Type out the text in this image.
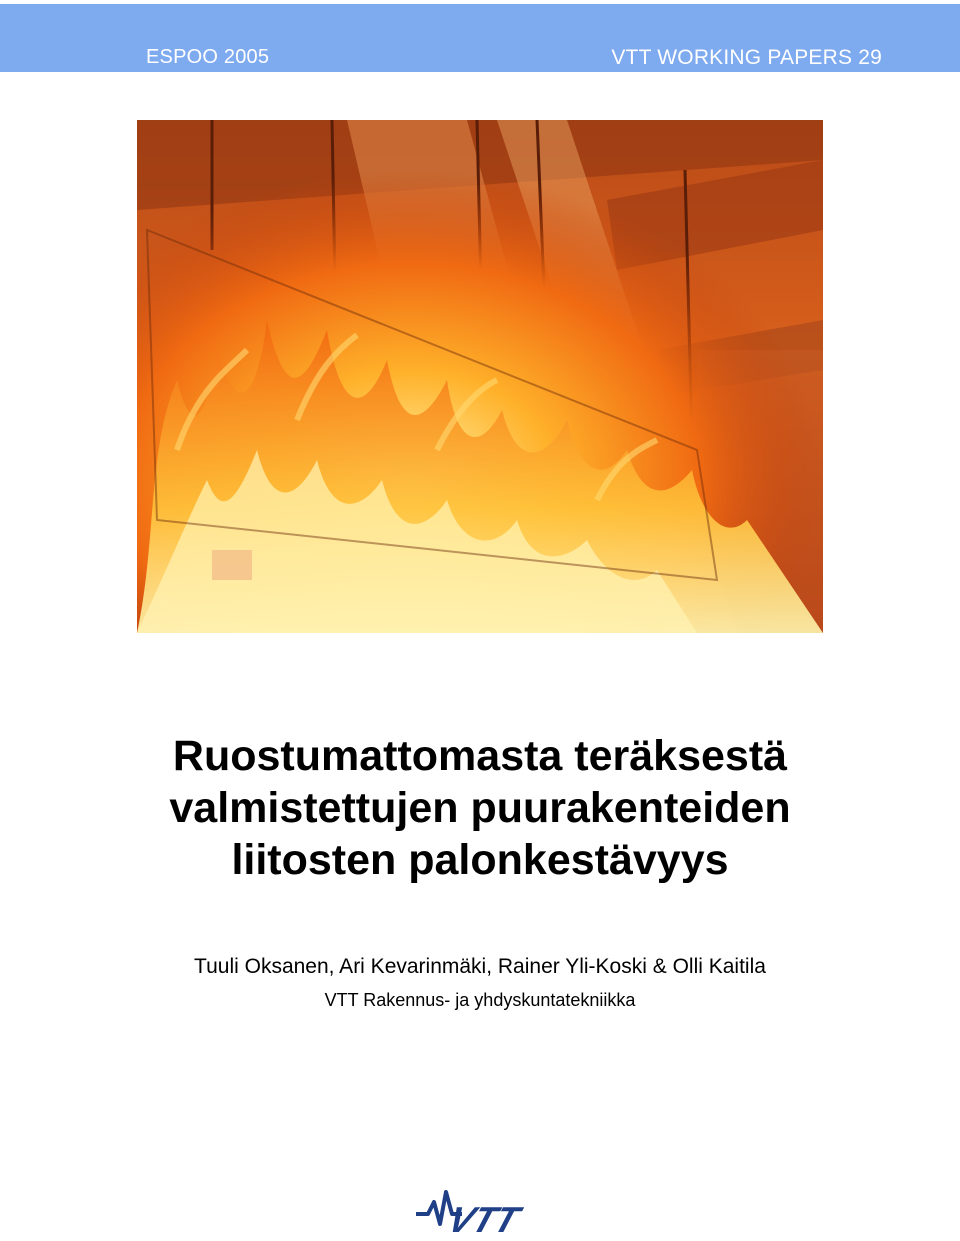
ESPOO 2005	VTT WORKING PAPERS 29
Ruostumattomasta teräksestä
valmistettujen puurakenteiden
liitosten palonkestävyys
Tuuli Oksanen, Ari Kevarinmäki, Rainer Yli-Koski & Olli Kaitila
VTT Rakennus- ja yhdyskuntatekniikka
VTT
